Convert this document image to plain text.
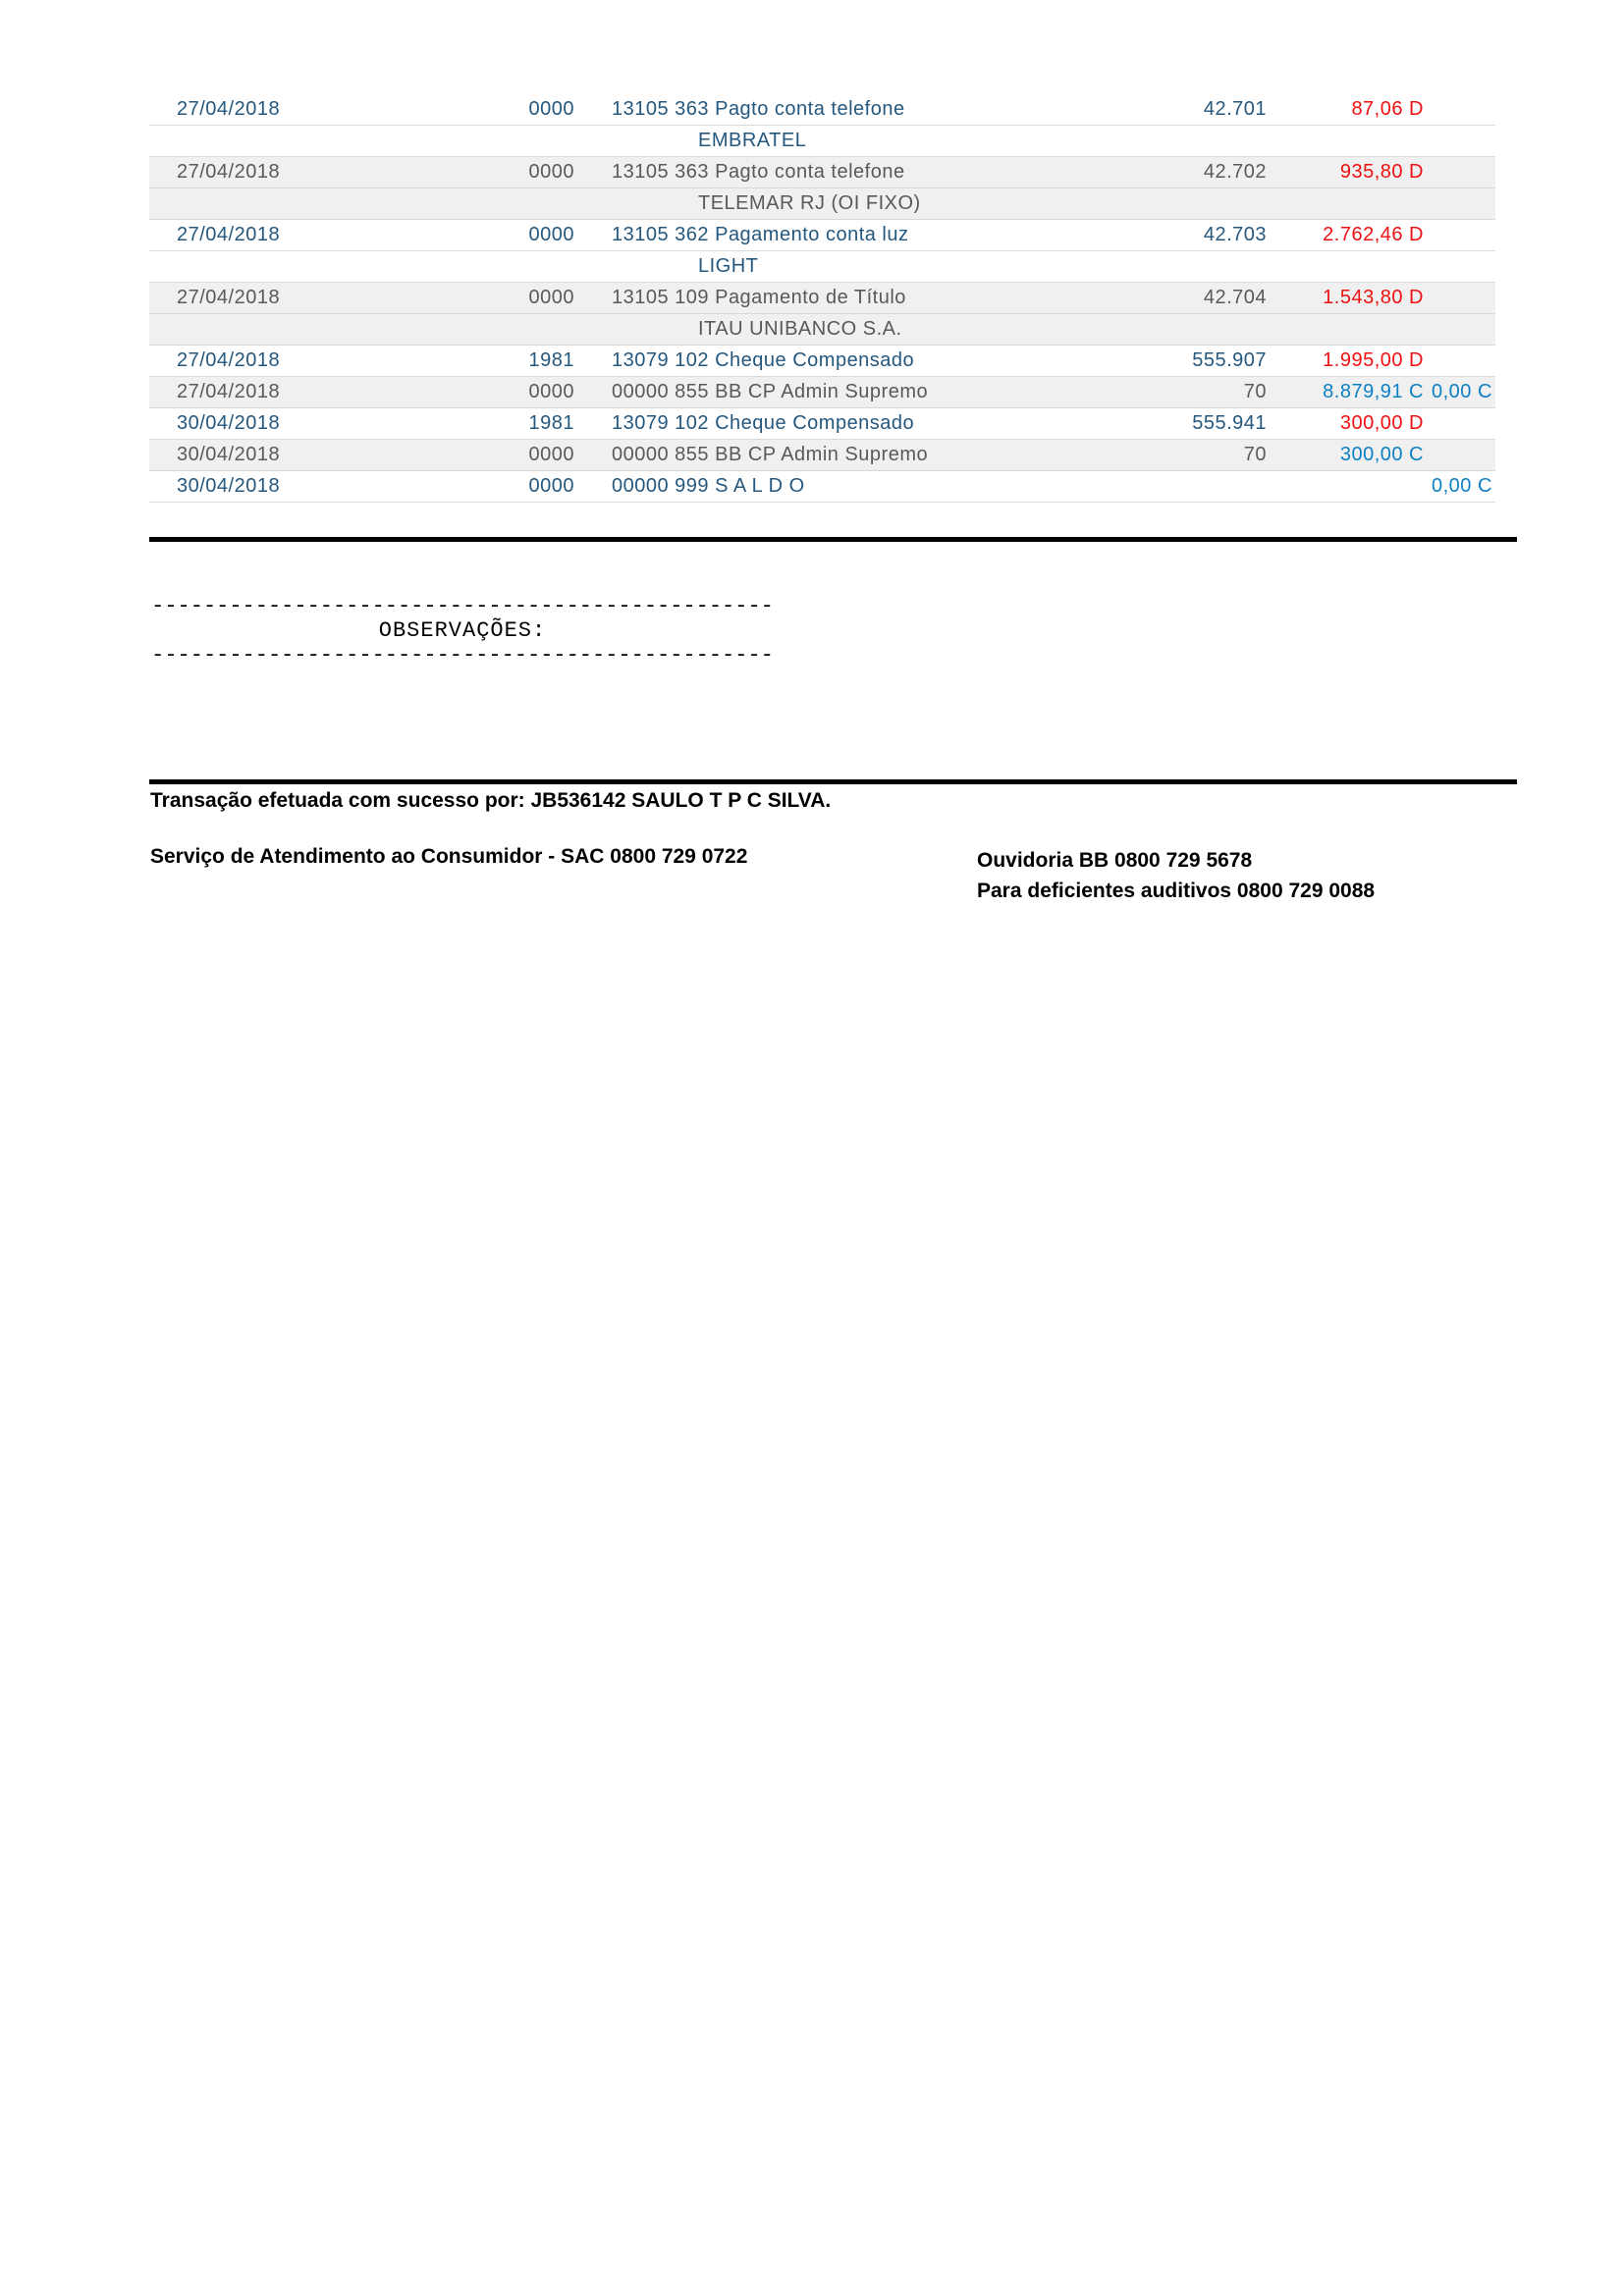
27/04/2018	0000 13105 363 Pagto conta telefone	42.701	87,06 D
EMBRATEL
27/04/2018	0000 13105 363 Pagto conta telefone	42.702	935,80 D
TELEMAR RJ (OI FIXO)
27/04/2018	0000 13105 362 Pagamento conta luz	42.703	2.762,46 D
LIGHT
27/04/2018	0000 13105 109 Pagamento de Título	42.704	1.543,80 D
ITAU UNIBANCO S.A.
27/04/2018	1981 13079 102 Cheque Compensado	555.907	1.995,00 D
27/04/2018	0000 00000 855 BB CP Admin Supremo	70	8.879,91 C 0,00 C
30/04/2018	1981 13079 102 Cheque Compensado	555.941	300,00 D
30/04/2018	0000 00000 855 BB CP Admin Supremo	70	300,00 C
30/04/2018	0000 00000 999 S A L D O	0,00 C
------------------------------------------------
OBSERVAÇÕES:
------------------------------------------------
Transação efetuada com sucesso por: JB536142 SAULO T P C SILVA.
Serviço de Atendimento ao Consumidor - SAC 0800 729 0722	Ouvidoria BB 0800 729 5678
Para deficientes auditivos 0800 729 0088
